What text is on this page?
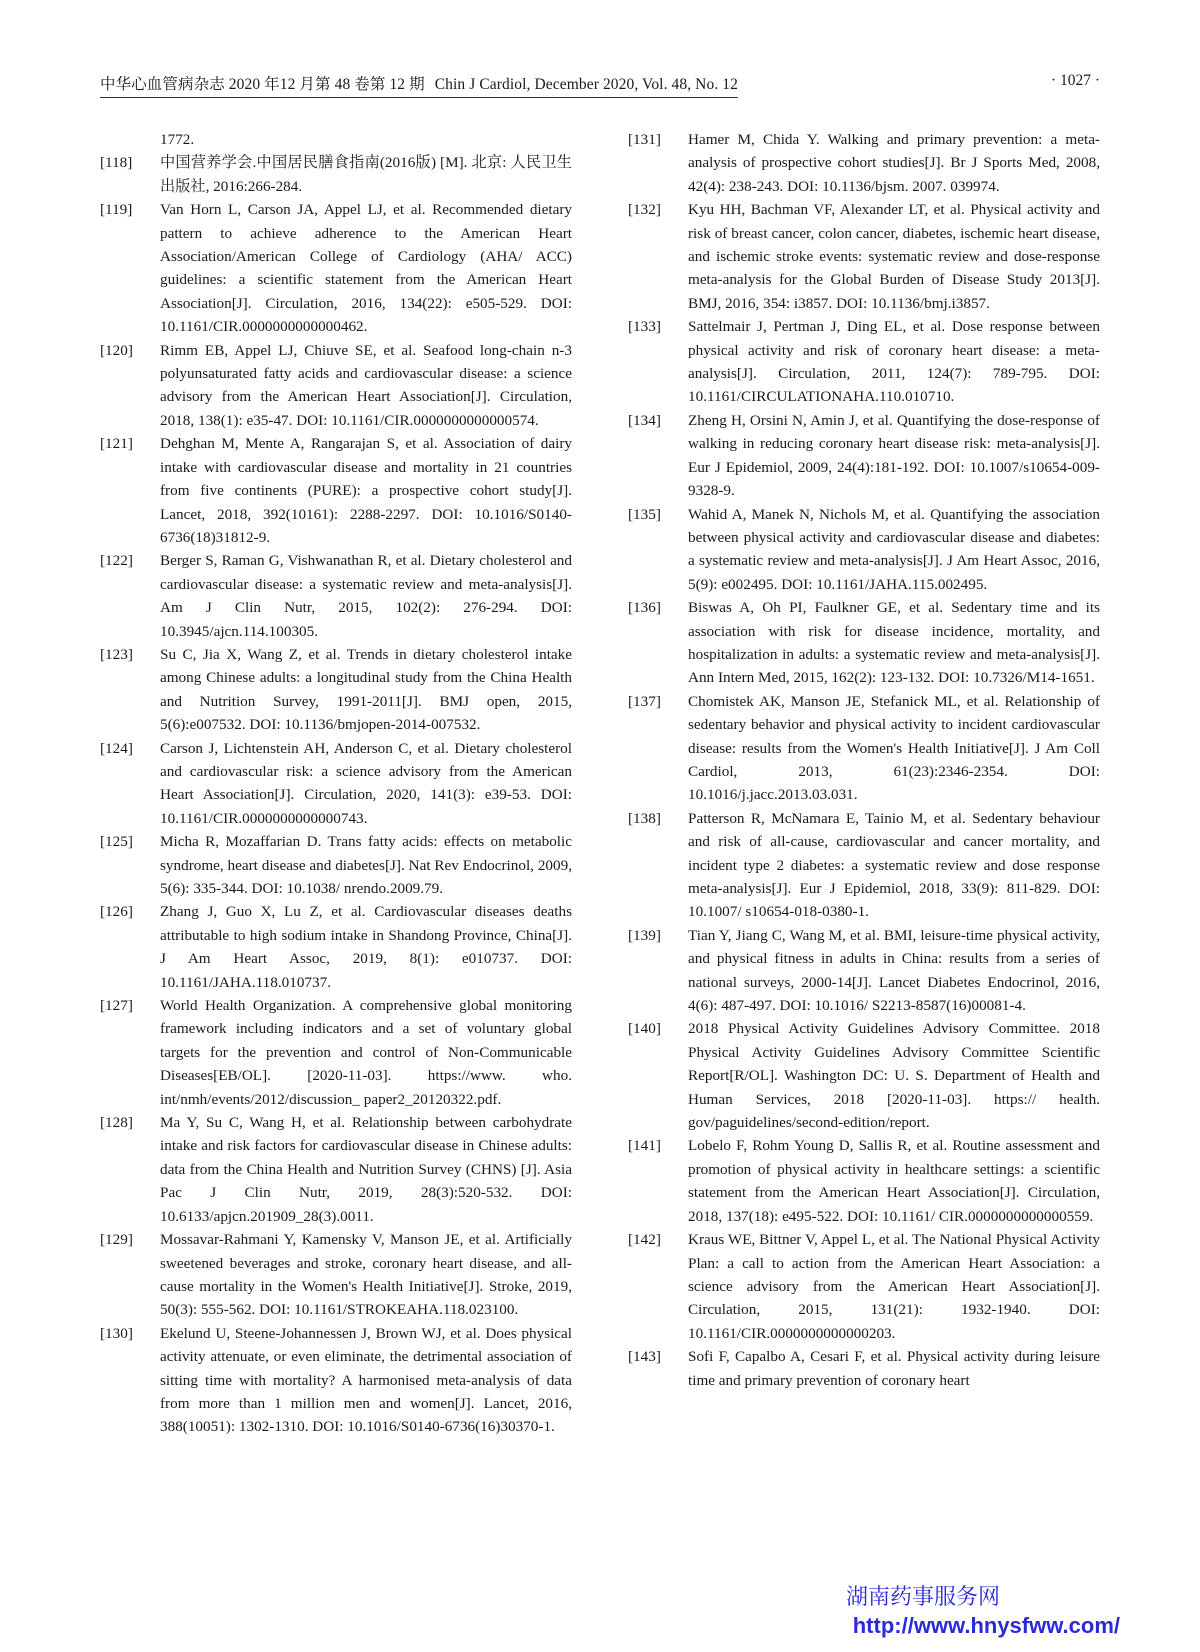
中华心血管病杂志 2020 年12 月第 48 卷第 12 期 Chin J Cardiol, December 2020, Vol. 48, No. 12	· 1027 ·
1772.
[118] 中国营养学会.中国居民膳食指南(2016版) [M]. 北京: 人民卫生出版社, 2016:266-284.
[119] Van Horn L, Carson JA, Appel LJ, et al. Recommended dietary pattern to achieve adherence to the American Heart Association/American College of Cardiology (AHA/ ACC) guidelines: a scientific statement from the American Heart Association[J]. Circulation, 2016, 134(22): e505-529. DOI: 10.1161/CIR.0000000000000462.
[120] Rimm EB, Appel LJ, Chiuve SE, et al. Seafood long-chain n-3 polyunsaturated fatty acids and cardiovascular disease: a science advisory from the American Heart Association[J]. Circulation, 2018, 138(1): e35-47. DOI: 10.1161/CIR.0000000000000574.
[121] Dehghan M, Mente A, Rangarajan S, et al. Association of dairy intake with cardiovascular disease and mortality in 21 countries from five continents (PURE): a prospective cohort study[J]. Lancet, 2018, 392(10161): 2288-2297. DOI: 10.1016/S0140-6736(18)31812-9.
[122] Berger S, Raman G, Vishwanathan R, et al. Dietary cholesterol and cardiovascular disease: a systematic review and meta-analysis[J]. Am J Clin Nutr, 2015, 102(2): 276-294. DOI: 10.3945/ajcn.114.100305.
[123] Su C, Jia X, Wang Z, et al. Trends in dietary cholesterol intake among Chinese adults: a longitudinal study from the China Health and Nutrition Survey, 1991-2011[J]. BMJ open, 2015, 5(6):e007532. DOI: 10.1136/bmjopen-2014-007532.
[124] Carson J, Lichtenstein AH, Anderson C, et al. Dietary cholesterol and cardiovascular risk: a science advisory from the American Heart Association[J]. Circulation, 2020, 141(3): e39-53. DOI: 10.1161/CIR.0000000000000743.
[125] Micha R, Mozaffarian D. Trans fatty acids: effects on metabolic syndrome, heart disease and diabetes[J]. Nat Rev Endocrinol, 2009, 5(6): 335-344. DOI: 10.1038/ nrendo.2009.79.
[126] Zhang J, Guo X, Lu Z, et al. Cardiovascular diseases deaths attributable to high sodium intake in Shandong Province, China[J]. J Am Heart Assoc, 2019, 8(1): e010737. DOI: 10.1161/JAHA.118.010737.
[127] World Health Organization. A comprehensive global monitoring framework including indicators and a set of voluntary global targets for the prevention and control of Non-Communicable Diseases[EB/OL]. [2020-11-03]. https://www. who. int/nmh/events/2012/discussion_ paper2_20120322.pdf.
[128] Ma Y, Su C, Wang H, et al. Relationship between carbohydrate intake and risk factors for cardiovascular disease in Chinese adults: data from the China Health and Nutrition Survey (CHNS) [J]. Asia Pac J Clin Nutr, 2019, 28(3):520-532. DOI: 10.6133/apjcn.201909_28(3).0011.
[129] Mossavar-Rahmani Y, Kamensky V, Manson JE, et al. Artificially sweetened beverages and stroke, coronary heart disease, and all-cause mortality in the Women's Health Initiative[J]. Stroke, 2019, 50(3): 555-562. DOI: 10.1161/STROKEAHA.118.023100.
[130] Ekelund U, Steene-Johannessen J, Brown WJ, et al. Does physical activity attenuate, or even eliminate, the detrimental association of sitting time with mortality? A harmonised meta-analysis of data from more than 1 million men and women[J]. Lancet, 2016, 388(10051): 1302-1310. DOI: 10.1016/S0140-6736(16)30370-1.
[131] Hamer M, Chida Y. Walking and primary prevention: a meta-analysis of prospective cohort studies[J]. Br J Sports Med, 2008, 42(4): 238-243. DOI: 10.1136/bjsm. 2007. 039974.
[132] Kyu HH, Bachman VF, Alexander LT, et al. Physical activity and risk of breast cancer, colon cancer, diabetes, ischemic heart disease, and ischemic stroke events: systematic review and dose-response meta-analysis for the Global Burden of Disease Study 2013[J]. BMJ, 2016, 354: i3857. DOI: 10.1136/bmj.i3857.
[133] Sattelmair J, Pertman J, Ding EL, et al. Dose response between physical activity and risk of coronary heart disease: a meta-analysis[J]. Circulation, 2011, 124(7): 789-795. DOI: 10.1161/CIRCULATIONAHA.110.010710.
[134] Zheng H, Orsini N, Amin J, et al. Quantifying the dose-response of walking in reducing coronary heart disease risk: meta-analysis[J]. Eur J Epidemiol, 2009, 24(4):181-192. DOI: 10.1007/s10654-009-9328-9.
[135] Wahid A, Manek N, Nichols M, et al. Quantifying the association between physical activity and cardiovascular disease and diabetes: a systematic review and meta-analysis[J]. J Am Heart Assoc, 2016, 5(9): e002495. DOI: 10.1161/JAHA.115.002495.
[136] Biswas A, Oh PI, Faulkner GE, et al. Sedentary time and its association with risk for disease incidence, mortality, and hospitalization in adults: a systematic review and meta-analysis[J]. Ann Intern Med, 2015, 162(2): 123-132. DOI: 10.7326/M14-1651.
[137] Chomistek AK, Manson JE, Stefanick ML, et al. Relationship of sedentary behavior and physical activity to incident cardiovascular disease: results from the Women's Health Initiative[J]. J Am Coll Cardiol, 2013, 61(23):2346-2354. DOI: 10.1016/j.jacc.2013.03.031.
[138] Patterson R, McNamara E, Tainio M, et al. Sedentary behaviour and risk of all-cause, cardiovascular and cancer mortality, and incident type 2 diabetes: a systematic review and dose response meta-analysis[J]. Eur J Epidemiol, 2018, 33(9): 811-829. DOI: 10.1007/ s10654-018-0380-1.
[139] Tian Y, Jiang C, Wang M, et al. BMI, leisure-time physical activity, and physical fitness in adults in China: results from a series of national surveys, 2000-14[J]. Lancet Diabetes Endocrinol, 2016, 4(6): 487-497. DOI: 10.1016/ S2213-8587(16)00081-4.
[140] 2018 Physical Activity Guidelines Advisory Committee. 2018 Physical Activity Guidelines Advisory Committee Scientific Report[R/OL]. Washington DC: U. S. Department of Health and Human Services, 2018 [2020-11-03]. https:// health. gov/paguidelines/second-edition/report.
[141] Lobelo F, Rohm Young D, Sallis R, et al. Routine assessment and promotion of physical activity in healthcare settings: a scientific statement from the American Heart Association[J]. Circulation, 2018, 137(18): e495-522. DOI: 10.1161/ CIR.0000000000000559.
[142] Kraus WE, Bittner V, Appel L, et al. The National Physical Activity Plan: a call to action from the American Heart Association: a science advisory from the American Heart Association[J]. Circulation, 2015, 131(21): 1932-1940. DOI: 10.1161/CIR.0000000000000203.
[143] Sofi F, Capalbo A, Cesari F, et al. Physical activity during leisure time and primary prevention of coronary heart
湖南药事服务网
http://www.hnysfww.com/
